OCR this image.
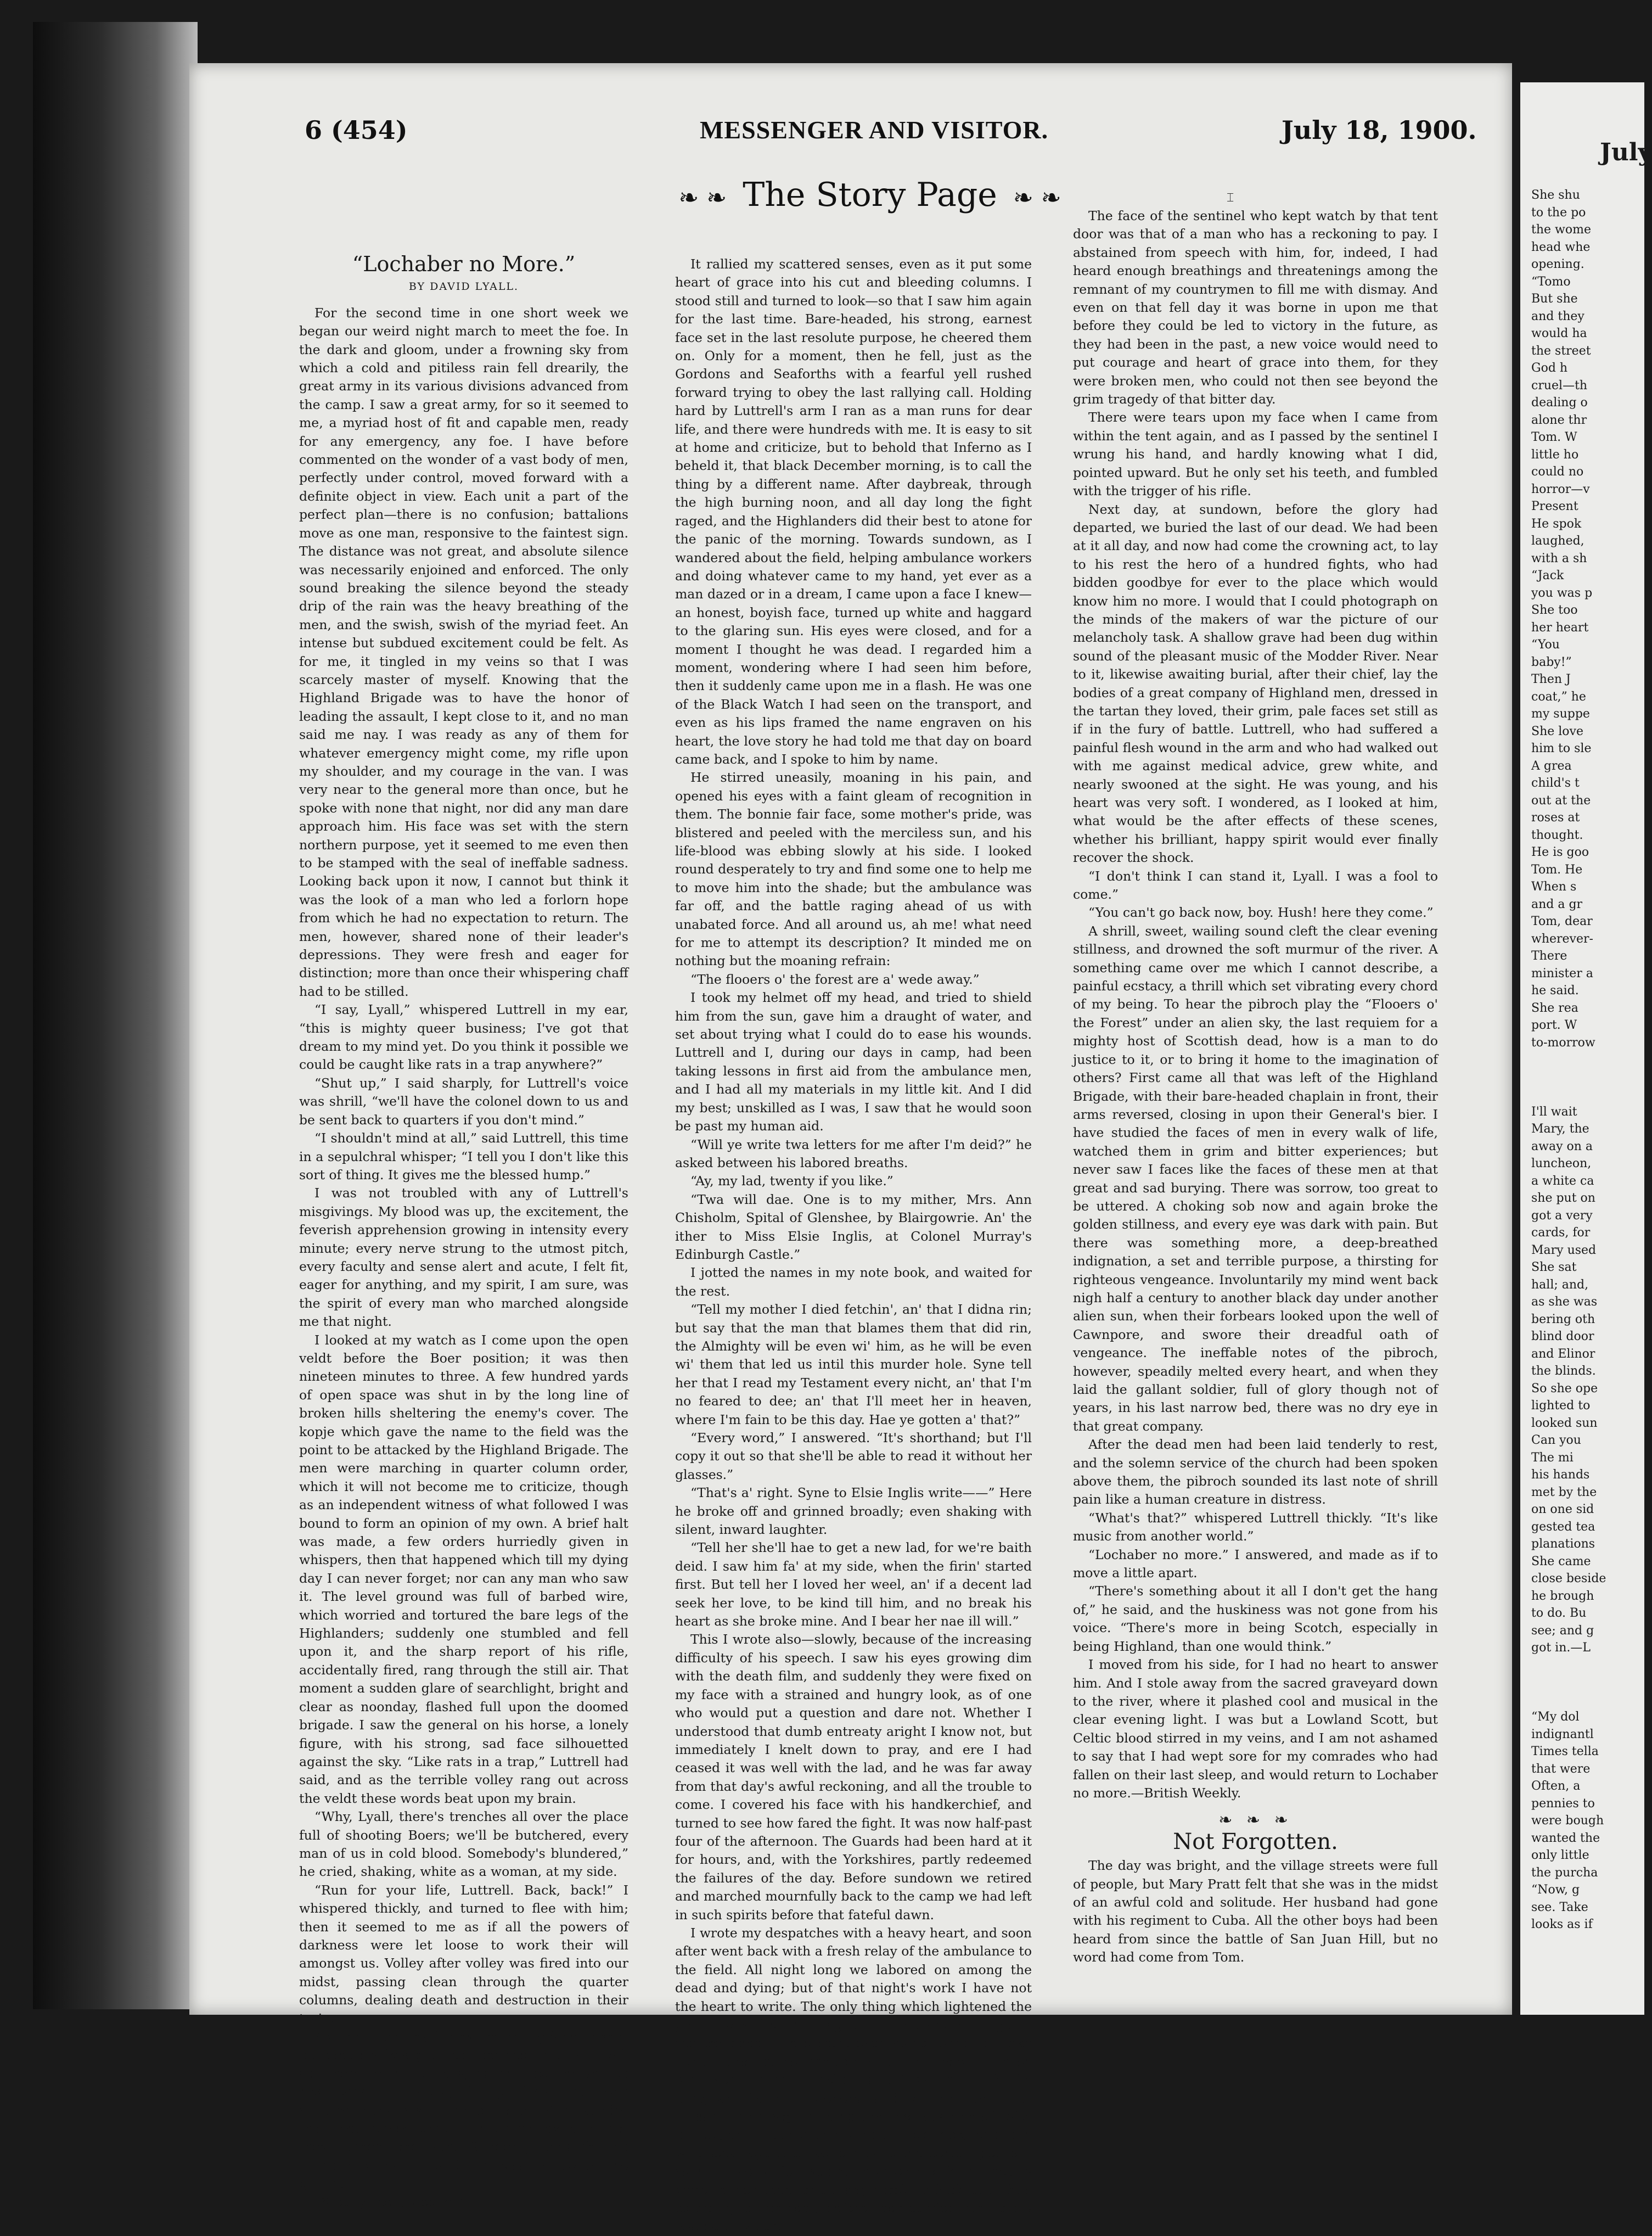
6 (454)	MESSENGER AND VISITOR.	July 18, 1900.
⌶
❧ ❧ The Story Page ❧ ❧
“Lochaber no More.”
BY DAVID LYALL.

For the second time in one short week we began our weird night march to meet the foe. In the dark and gloom, under a frowning sky from which a cold and pitiless rain fell drearily, the great army in its various divisions advanced from the camp. I saw a great army, for so it seemed to me, a myriad host of fit and capable men, ready for any emergency, any foe. I have before commented on the wonder of a vast body of men, perfectly under control, moved forward with a definite object in view. Each unit a part of the perfect plan—there is no confusion; battalions move as one man, responsive to the faintest sign. The distance was not great, and absolute silence was necessarily enjoined and enforced. The only sound breaking the silence beyond the steady drip of the rain was the heavy breathing of the men, and the swish, swish of the myriad feet. An intense but subdued excitement could be felt. As for me, it tingled in my veins so that I was scarcely master of myself. Knowing that the Highland Brigade was to have the honor of leading the assault, I kept close to it, and no man said me nay. I was ready as any of them for whatever emergency might come, my rifle upon my shoulder, and my courage in the van. I was very near to the general more than once, but he spoke with none that night, nor did any man dare approach him. His face was set with the stern northern purpose, yet it seemed to me even then to be stamped with the seal of ineffable sadness. Looking back upon it now, I cannot but think it was the look of a man who led a forlorn hope from which he had no expectation to return. The men, however, shared none of their leader's depressions. They were fresh and eager for distinction; more than once their whispering chaff had to be stilled.

“I say, Lyall,” whispered Luttrell in my ear, “this is mighty queer business; I've got that dream to my mind yet. Do you think it possible we could be caught like rats in a trap anywhere?”

“Shut up,” I said sharply, for Luttrell's voice was shrill, “we'll have the colonel down to us and be sent back to quarters if you don't mind.”

“I shouldn't mind at all,” said Luttrell, this time in a sepulchral whisper; “I tell you I don't like this sort of thing. It gives me the blessed hump.”

I was not troubled with any of Luttrell's misgivings. My blood was up, the excitement, the feverish apprehension growing in intensity every minute; every nerve strung to the utmost pitch, every faculty and sense alert and acute, I felt fit, eager for anything, and my spirit, I am sure, was the spirit of every man who marched alongside me that night.

I looked at my watch as I come upon the open veldt before the Boer position; it was then nineteen minutes to three. A few hundred yards of open space was shut in by the long line of broken hills sheltering the enemy's cover. The kopje which gave the name to the field was the point to be attacked by the Highland Brigade. The men were marching in quarter column order, which it will not become me to criticize, though as an independent witness of what followed I was bound to form an opinion of my own. A brief halt was made, a few orders hurriedly given in whispers, then that happened which till my dying day I can never forget; nor can any man who saw it. The level ground was full of barbed wire, which worried and tortured the bare legs of the Highlanders; suddenly one stumbled and fell upon it, and the sharp report of his rifle, accidentally fired, rang through the still air. That moment a sudden glare of searchlight, bright and clear as noonday, flashed full upon the doomed brigade. I saw the general on his horse, a lonely figure, with his strong, sad face silhouetted against the sky. “Like rats in a trap,” Luttrell had said, and as the terrible volley rang out across the veldt these words beat upon my brain.

“Why, Lyall, there's trenches all over the place full of shooting Boers; we'll be butchered, every man of us in cold blood. Somebody's blundered,” he cried, shaking, white as a woman, at my side.

“Run for your life, Luttrell. Back, back!” I whispered thickly, and turned to flee with him; then it seemed to me as if all the powers of darkness were let loose to work their will amongst us. Volley after volley was fired into our midst, passing clean through the quarter columns, dealing death and destruction in their train.

As I ran I put my hands before my face to shut out the ghastly sight. But I see them still, and will see them while life lasts, being mown down like ripe ears in harvest, falling thick upon one another in that awful rain of death. What wonder that they reeled under the shock, ay, and that they turned and ran. Suddenly through the horrible chaos I heard the clear voice of the general—

“Steady, men, steady!”

It rallied my scattered senses, even as it put some heart of grace into his cut and bleeding columns. I stood still and turned to look—so that I saw him again for the last time. Bare-headed, his strong, earnest face set in the last resolute purpose, he cheered them on. Only for a moment, then he fell, just as the Gordons and Seaforths with a fearful yell rushed forward trying to obey the last rallying call. Holding hard by Luttrell's arm I ran as a man runs for dear life, and there were hundreds with me. It is easy to sit at home and criticize, but to behold that Inferno as I beheld it, that black December morning, is to call the thing by a different name. After daybreak, through the high burning noon, and all day long the fight raged, and the Highlanders did their best to atone for the panic of the morning. Towards sundown, as I wandered about the field, helping ambulance workers and doing whatever came to my hand, yet ever as a man dazed or in a dream, I came upon a face I knew—an honest, boyish face, turned up white and haggard to the glaring sun. His eyes were closed, and for a moment I thought he was dead. I regarded him a moment, wondering where I had seen him before, then it suddenly came upon me in a flash. He was one of the Black Watch I had seen on the transport, and even as his lips framed the name engraven on his heart, the love story he had told me that day on board came back, and I spoke to him by name.

He stirred uneasily, moaning in his pain, and opened his eyes with a faint gleam of recognition in them. The bonnie fair face, some mother's pride, was blistered and peeled with the merciless sun, and his life-blood was ebbing slowly at his side. I looked round desperately to try and find some one to help me to move him into the shade; but the ambulance was far off, and the battle raging ahead of us with unabated force. And all around us, ah me! what need for me to attempt its description? It minded me on nothing but the moaning refrain:

“The flooers o' the forest are a' wede away.”

I took my helmet off my head, and tried to shield him from the sun, gave him a draught of water, and set about trying what I could do to ease his wounds. Luttrell and I, during our days in camp, had been taking lessons in first aid from the ambulance men, and I had all my materials in my little kit. And I did my best; unskilled as I was, I saw that he would soon be past my human aid.

“Will ye write twa letters for me after I'm deid?” he asked between his labored breaths.

“Ay, my lad, twenty if you like.”

“Twa will dae. One is to my mither, Mrs. Ann Chisholm, Spital of Glenshee, by Blairgowrie. An' the ither to Miss Elsie Inglis, at Colonel Murray's Edinburgh Castle.”

I jotted the names in my note book, and waited for the rest.

“Tell my mother I died fetchin', an' that I didna rin; but say that the man that blames them that did rin, the Almighty will be even wi' him, as he will be even wi' them that led us intil this murder hole. Syne tell her that I read my Testament every nicht, an' that I'm no feared to dee; an' that I'll meet her in heaven, where I'm fain to be this day. Hae ye gotten a' that?”

“Every word,” I answered. “It's shorthand; but I'll copy it out so that she'll be able to read it without her glasses.”

“That's a' right. Syne to Elsie Inglis write——” Here he broke off and grinned broadly; even shaking with silent, inward laughter.

“Tell her she'll hae to get a new lad, for we're baith deid. I saw him fa' at my side, when the firin' started first. But tell her I loved her weel, an' if a decent lad seek her love, to be kind till him, and no break his heart as she broke mine. And I bear her nae ill will.”

This I wrote also—slowly, because of the increasing difficulty of his speech. I saw his eyes growing dim with the death film, and suddenly they were fixed on my face with a strained and hungry look, as of one who would put a question and dare not. Whether I understood that dumb entreaty aright I know not, but immediately I knelt down to pray, and ere I had ceased it was well with the lad, and he was far away from that day's awful reckoning, and all the trouble to come. I covered his face with his handkerchief, and turned to see how fared the fight. It was now half-past four of the afternoon. The Guards had been hard at it for hours, and, with the Yorkshires, partly redeemed the failures of the day. Before sundown we retired and marched mournfully back to the camp we had left in such spirits before that fateful dawn.

I wrote my despatches with a heavy heart, and soon after went back with a fresh relay of the ambulance to the field. All night long we labored on among the dead and dying; but of that night's work I have not the heart to write. The only thing which lightened the gloom was the unfailing endurance and courage of the wounded. There were even some found to make light of their pains, and to have a joke ready for those who were trying to help them. I was not with the party who found the General, and took him home; but I heard them say in camp that he was riddled with bullets, and that his face wore a placid look, as of one who sees beyond these terrors to the perfect peace. I asked leave, which was not demied me (for all hearts were tender then, and many sore), to look upon him as he lay in his tent, before they carried him to his last narrow bed.

The face of the sentinel who kept watch by that tent door was that of a man who has a reckoning to pay. I abstained from speech with him, for, indeed, I had heard enough breathings and threatenings among the remnant of my countrymen to fill me with dismay. And even on that fell day it was borne in upon me that before they could be led to victory in the future, as they had been in the past, a new voice would need to put courage and heart of grace into them, for they were broken men, who could not then see beyond the grim tragedy of that bitter day.

There were tears upon my face when I came from within the tent again, and as I passed by the sentinel I wrung his hand, and hardly knowing what I did, pointed upward. But he only set his teeth, and fumbled with the trigger of his rifle.

Next day, at sundown, before the glory had departed, we buried the last of our dead. We had been at it all day, and now had come the crowning act, to lay to his rest the hero of a hundred fights, who had bidden goodbye for ever to the place which would know him no more. I would that I could photograph on the minds of the makers of war the picture of our melancholy task. A shallow grave had been dug within sound of the pleasant music of the Modder River. Near to it, likewise awaiting burial, after their chief, lay the bodies of a great company of Highland men, dressed in the tartan they loved, their grim, pale faces set still as if in the fury of battle. Luttrell, who had suffered a painful flesh wound in the arm and who had walked out with me against medical advice, grew white, and nearly swooned at the sight. He was young, and his heart was very soft. I wondered, as I looked at him, what would be the after effects of these scenes, whether his brilliant, happy spirit would ever finally recover the shock.

“I don't think I can stand it, Lyall. I was a fool to come.”

“You can't go back now, boy. Hush! here they come.”

A shrill, sweet, wailing sound cleft the clear evening stillness, and drowned the soft murmur of the river. A something came over me which I cannot describe, a painful ecstacy, a thrill which set vibrating every chord of my being. To hear the pibroch play the “Flooers o' the Forest” under an alien sky, the last requiem for a mighty host of Scottish dead, how is a man to do justice to it, or to bring it home to the imagination of others? First came all that was left of the Highland Brigade, with their bare-headed chaplain in front, their arms reversed, closing in upon their General's bier. I have studied the faces of men in every walk of life, watched them in grim and bitter experiences; but never saw I faces like the faces of these men at that great and sad burying. There was sorrow, too great to be uttered. A choking sob now and again broke the golden stillness, and every eye was dark with pain. But there was something more, a deep-breathed indignation, a set and terrible purpose, a thirsting for righteous vengeance. Involuntarily my mind went back nigh half a century to another black day under another alien sun, when their forbears looked upon the well of Cawnpore, and swore their dreadful oath of vengeance. The ineffable notes of the pibroch, however, speadily melted every heart, and when they laid the gallant soldier, full of glory though not of years, in his last narrow bed, there was no dry eye in that great company.

After the dead men had been laid tenderly to rest, and the solemn service of the church had been spoken above them, the pibroch sounded its last note of shrill pain like a human creature in distress.

“What's that?” whispered Luttrell thickly. “It's like music from another world.”

“Lochaber no more.” I answered, and made as if to move a little apart.

“There's something about it all I don't get the hang of,” he said, and the huskiness was not gone from his voice. “There's more in being Scotch, especially in being Highland, than one would think.”

I moved from his side, for I had no heart to answer him. And I stole away from the sacred graveyard down to the river, where it plashed cool and musical in the clear evening light. I was but a Lowland Scott, but Celtic blood stirred in my veins, and I am not ashamed to say that I had wept sore for my comrades who had fallen on their last sleep, and would return to Lochaber no more.—British Weekly.

❧ ❧ ❧
Not Forgotten.

The day was bright, and the village streets were full of people, but Mary Pratt felt that she was in the midst of an awful cold and solitude. Her husband had gone with his regiment to Cuba. All the other boys had been heard from since the battle of San Juan Hill, but no word had come from Tom.

July
She shu
to the po
the wome
head whe
opening.
“Tomo
But she
and they
would ha
the street
God h
cruel—th
dealing o
alone thr
Tom. W
little ho
could no
horror—v
Present
He spok
laughed,
with a sh
“Jack
you was p
She too
her heart
“You
baby!”
Then J
coat,” he
my suppe
She love
him to sle
A grea
child's t
out at the
roses at
thought.
He is goo
Tom. He
When s
and a gr
Tom, dear
wherever-
There
minister a
he said.
She rea
port. W
to-morrow

I'll wait
Mary, the
away on a
luncheon,
a white ca
she put on
got a very
cards, for
Mary used
She sat
hall; and,
as she was
bering oth
blind door
and Elinor
the blinds.
So she ope
lighted to
looked sun
Can you
The mi
his hands
met by the
on one sid
gested tea
planations
She came
close beside
he brough
to do. Bu
see; and g
got in.—L

“My dol
indignantl
Times tella
that were
Often, a
pennies to
were bough
wanted the
only little
the purcha
“Now, g
see. Take
looks as if
